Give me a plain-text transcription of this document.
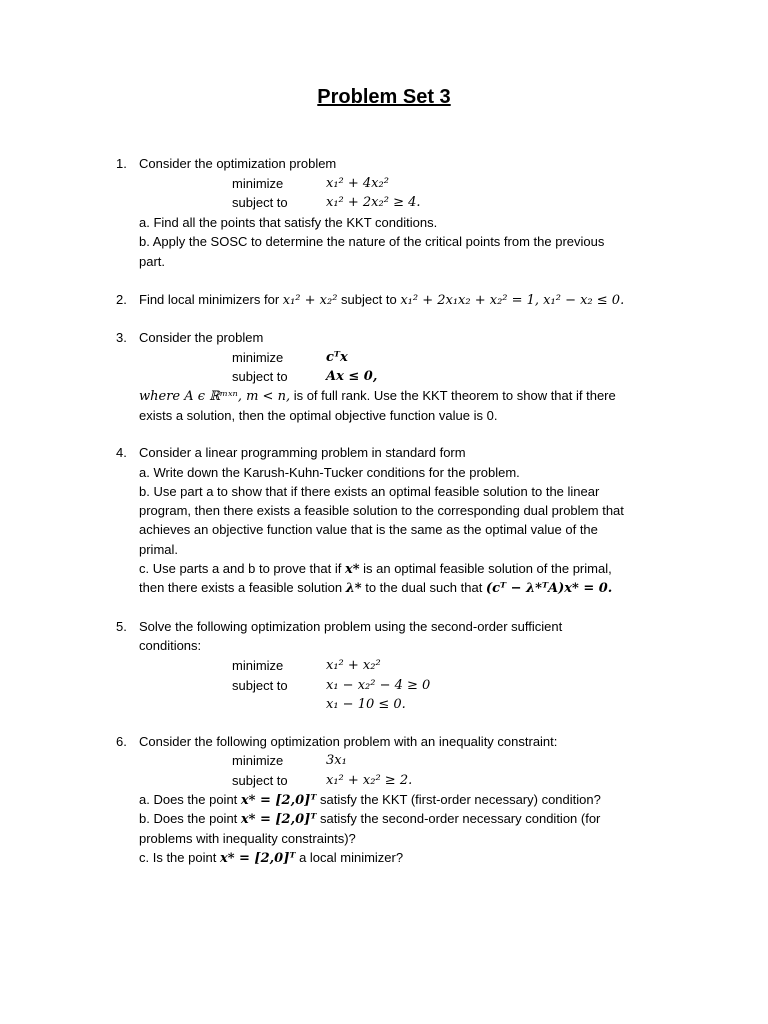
Problem Set 3
1. Consider the optimization problem
minimize	x₁² + 4x₂²
subject to	x₁² + 2x₂² ≥ 4.
a. Find all the points that satisfy the KKT conditions.
b. Apply the SOSC to determine the nature of the critical points from the previous
part.
2. Find local minimizers for x₁² + x₂² subject to x₁² + 2x₁x₂ + x₂² = 1, x₁² − x₂ ≤ 0.
3. Consider the problem
minimize	cᵀx
subject to	Ax ≤ 0,
where A ϵ ℝᵐˣⁿ, m < n, is of full rank. Use the KKT theorem to show that if there
exists a solution, then the optimal objective function value is 0.
4. Consider a linear programming problem in standard form
a. Write down the Karush-Kuhn-Tucker conditions for the problem.
b. Use part a to show that if there exists an optimal feasible solution to the linear
program, then there exists a feasible solution to the corresponding dual problem that
achieves an objective function value that is the same as the optimal value of the
primal.
c. Use parts a and b to prove that if x* is an optimal feasible solution of the primal,
then there exists a feasible solution λ* to the dual such that (cᵀ − λ*ᵀA)x* = 0.
5. Solve the following optimization problem using the second-order sufficient
conditions:
minimize	x₁² + x₂²
subject to	x₁ − x₂² − 4 ≥ 0
x₁ − 10 ≤ 0.
6. Consider the following optimization problem with an inequality constraint:
minimize	3x₁
subject to	x₁² + x₂² ≥ 2.
a. Does the point x* = [2,0]ᵀ satisfy the KKT (first-order necessary) condition?
b. Does the point x* = [2,0]ᵀ satisfy the second-order necessary condition (for
problems with inequality constraints)?
c. Is the point x* = [2,0]ᵀ a local minimizer?
